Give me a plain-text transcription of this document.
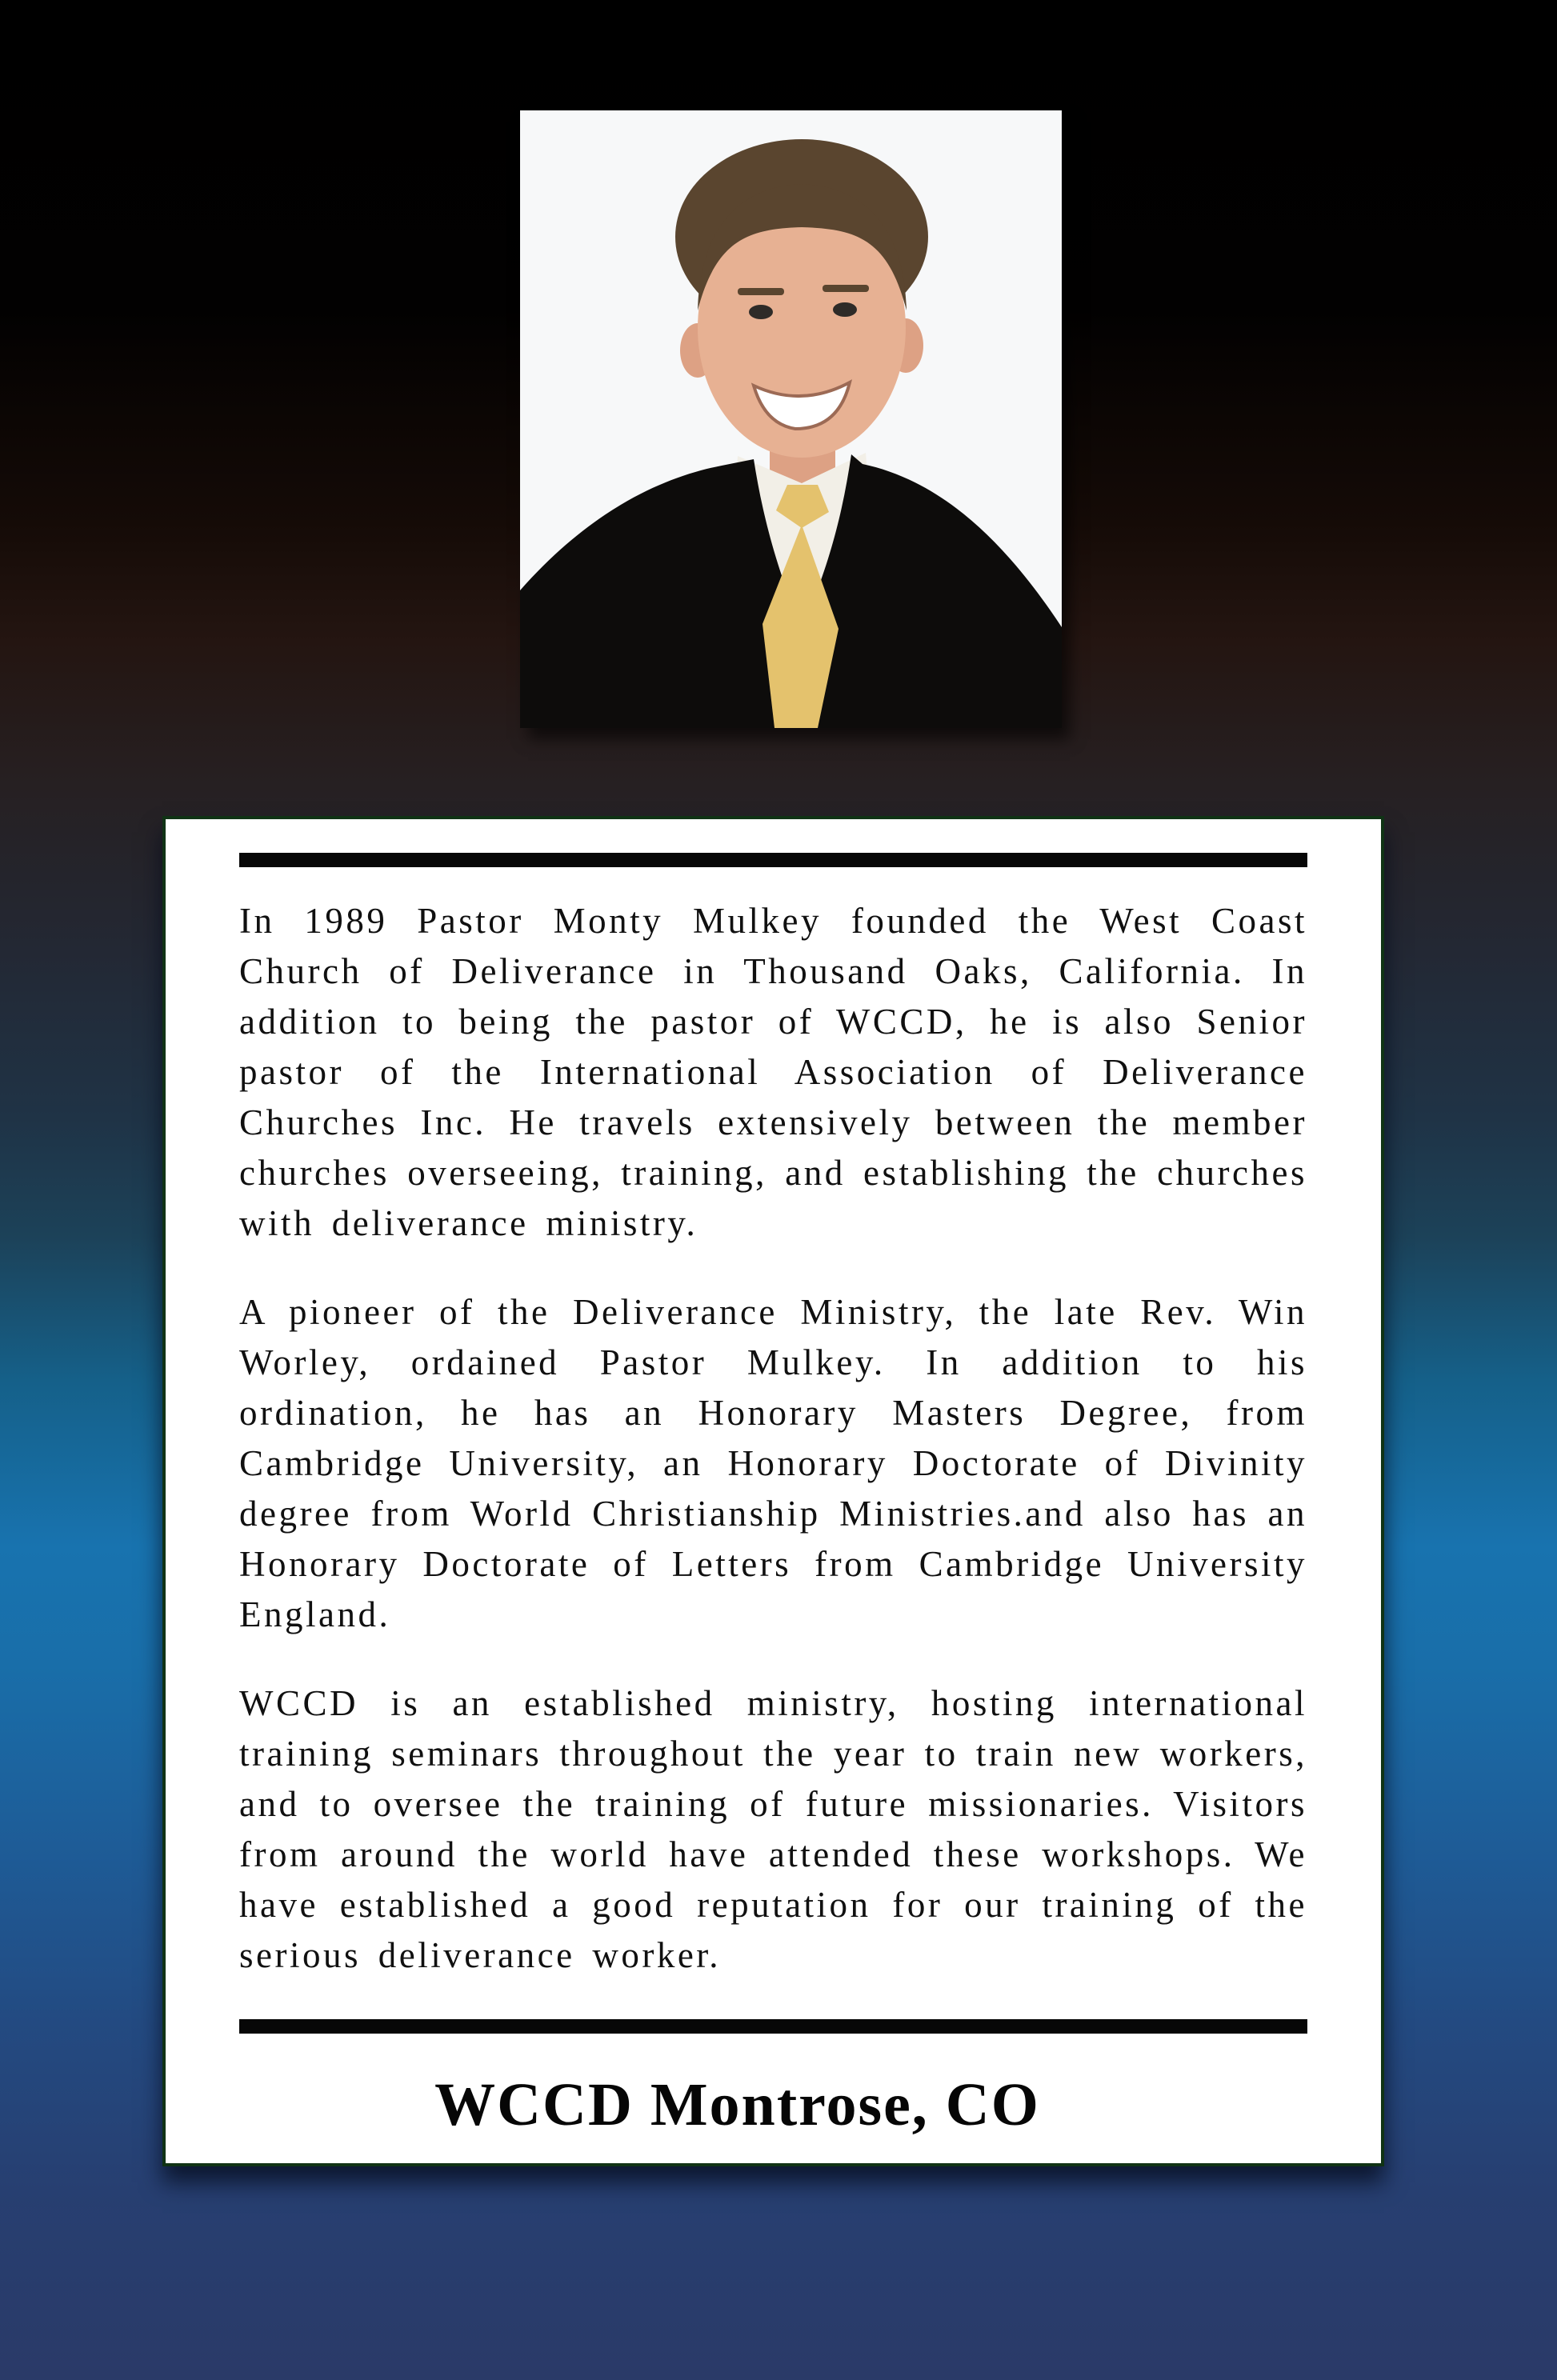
In 1989 Pastor Monty Mulkey founded the West Coast Church of Deliverance in Thousand Oaks, California. In addition to being the pastor of WCCD, he is also Senior pastor of the International Association of Deliverance Churches Inc. He travels extensively between the member churches overseeing, training, and establishing the churches with deliverance ministry.

A pioneer of the Deliverance Ministry, the late Rev. Win Worley, ordained Pastor Mulkey. In addition to his ordination, he has an Honorary Masters Degree, from Cambridge University, an Honorary Doctorate of Divinity degree from World Christianship Ministries.and also has an Honorary Doctorate of Letters from Cambridge University England.

WCCD is an established ministry, hosting international training seminars throughout the year to train new workers, and to oversee the training of future missionaries. Visitors from around the world have attended these workshops. We have established a good reputation for our training of the serious deliverance worker.

WCCD Montrose, CO
